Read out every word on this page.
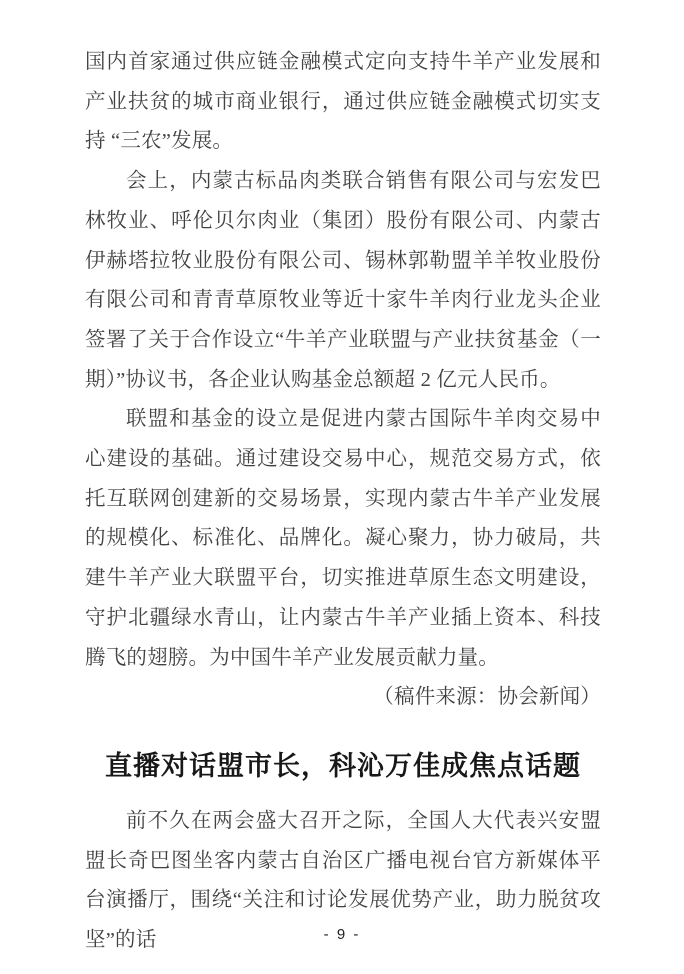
国内首家通过供应链金融模式定向支持牛羊产业发展和产业扶贫的城市商业银行，通过供应链金融模式切实支持 “三农”发展。

会上，内蒙古标品肉类联合销售有限公司与宏发巴林牧业、呼伦贝尔肉业（集团）股份有限公司、内蒙古伊赫塔拉牧业股份有限公司、锡林郭勒盟羊羊牧业股份有限公司和青青草原牧业等近十家牛羊肉行业龙头企业签署了关于合作设立“牛羊产业联盟与产业扶贫基金（一期）”协议书，各企业认购基金总额超 2 亿元人民币。

联盟和基金的设立是促进内蒙古国际牛羊肉交易中心建设的基础。通过建设交易中心，规范交易方式，依托互联网创建新的交易场景，实现内蒙古牛羊产业发展的规模化、标准化、品牌化。凝心聚力，协力破局，共建牛羊产业大联盟平台，切实推进草原生态文明建设，守护北疆绿水青山，让内蒙古牛羊产业插上资本、科技腾飞的翅膀。为中国牛羊产业发展贡献力量。

（稿件来源：协会新闻）

直播对话盟市长，科沁万佳成焦点话题

前不久在两会盛大召开之际，全国人大代表兴安盟盟长奇巴图坐客内蒙古自治区广播电视台官方新媒体平台演播厅，围绕“关注和讨论发展优势产业，助力脱贫攻坚”的话	- 9 -
